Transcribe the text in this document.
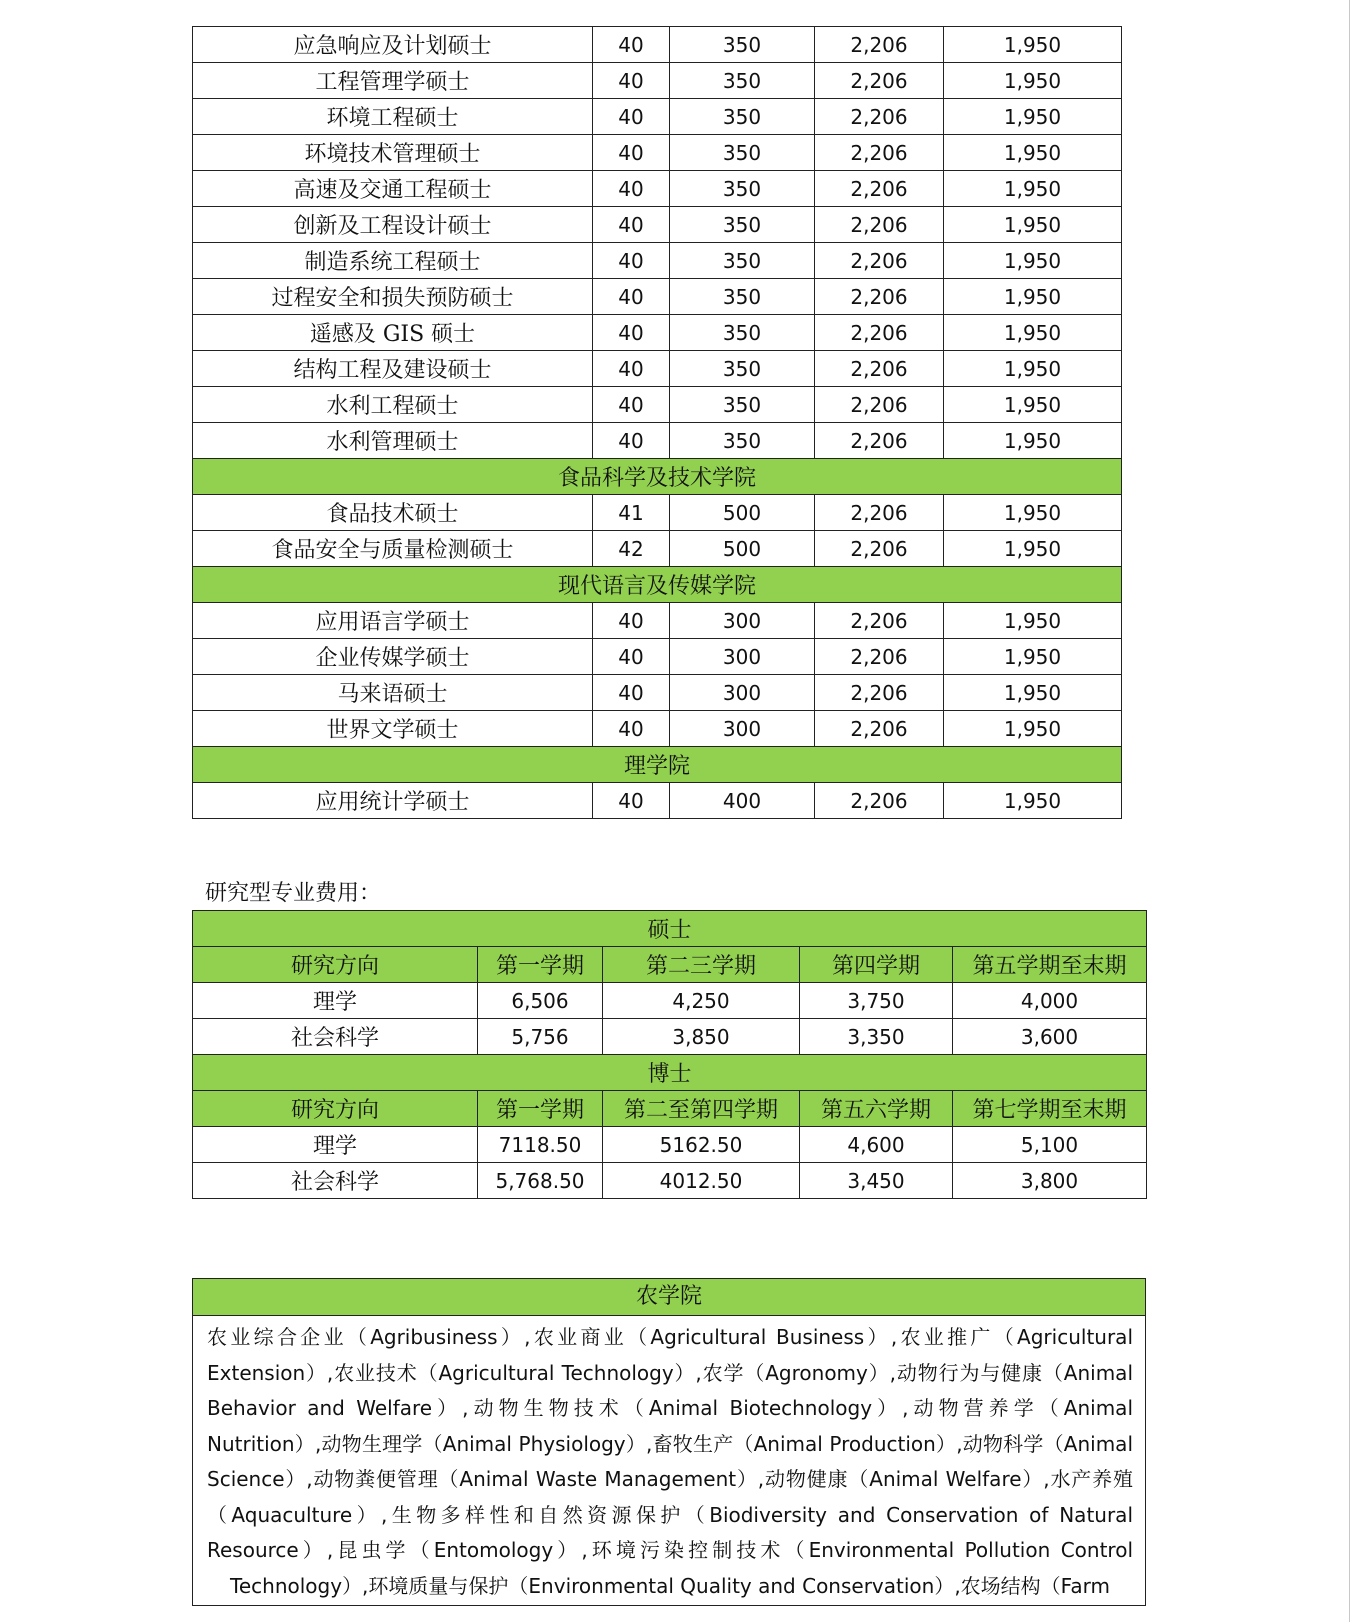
应急响应及计划硕士	40	350	2,206	1,950
工程管理学硕士	40	350	2,206	1,950
环境工程硕士	40	350	2,206	1,950
环境技术管理硕士	40	350	2,206	1,950
高速及交通工程硕士	40	350	2,206	1,950
创新及工程设计硕士	40	350	2,206	1,950
制造系统工程硕士	40	350	2,206	1,950
过程安全和损失预防硕士	40	350	2,206	1,950
遥感及 GIS 硕士	40	350	2,206	1,950
结构工程及建设硕士	40	350	2,206	1,950
水利工程硕士	40	350	2,206	1,950
水利管理硕士	40	350	2,206	1,950
食品科学及技术学院				
食品技术硕士	41	500	2,206	1,950
食品安全与质量检测硕士	42	500	2,206	1,950
现代语言及传媒学院				
应用语言学硕士	40	300	2,206	1,950
企业传媒学硕士	40	300	2,206	1,950
马来语硕士	40	300	2,206	1,950
世界文学硕士	40	300	2,206	1,950
理学院				
应用统计学硕士	40	400	2,206	1,950
研究型专业费用：
硕士				
研究方向	第一学期	第二三学期	第四学期	第五学期至末期
理学	6,506	4,250	3,750	4,000
社会科学	5,756	3,850	3,350	3,600
博士				
研究方向	第一学期	第二至第四学期	第五六学期	第七学期至末期
理学	7118.50	5162.50	4,600	5,100
社会科学	5,768.50	4012.50	3,450	3,800
农学院
农业综合企业（Agribusiness）,农业商业（Agricultural Business）,农业推广（Agricultural Extension）,农业技术（Agricultural Technology）,农学（Agronomy）,动物行为与健康（Animal Behavior and Welfare）,动物生物技术（Animal Biotechnology）,动物营养学（Animal Nutrition）,动物生理学（Animal Physiology）,畜牧生产（Animal Production）,动物科学（Animal Science）,动物粪便管理（Animal Waste Management）,动物健康（Animal Welfare）,水产养殖（Aquaculture）,生物多样性和自然资源保护（Biodiversity and Conservation of Natural Resource）,昆虫学（Entomology）,环境污染控制技术（Environmental Pollution Control Technology）,环境质量与保护（Environmental Quality and Conservation）,农场结构（Farm
